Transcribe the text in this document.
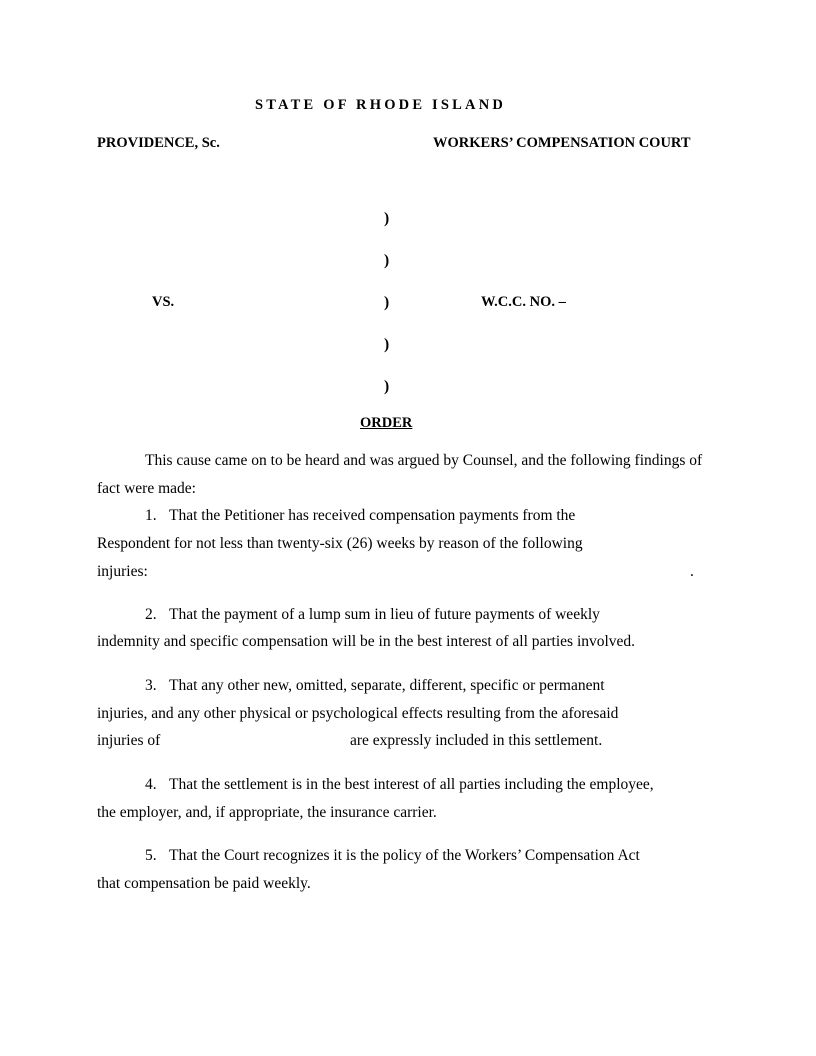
STATE OF RHODE ISLAND
PROVIDENCE, Sc.	WORKERS’ COMPENSATION COURT
)
)
)
)
)
VS.	W.C.C. NO. –
ORDER
This cause came on to be heard and was argued by Counsel, and the following findings of
fact were made:
1. That the Petitioner has received compensation payments from the
Respondent for not less than twenty-six (26) weeks by reason of the following
injuries:	.
2. That the payment of a lump sum in lieu of future payments of weekly
indemnity and specific compensation will be in the best interest of all parties involved.
3. That any other new, omitted, separate, different, specific or permanent
injuries, and any other physical or psychological effects resulting from the aforesaid
injuries of	are expressly included in this settlement.
4. That the settlement is in the best interest of all parties including the employee,
the employer, and, if appropriate, the insurance carrier.
5. That the Court recognizes it is the policy of the Workers’ Compensation Act
that compensation be paid weekly.
